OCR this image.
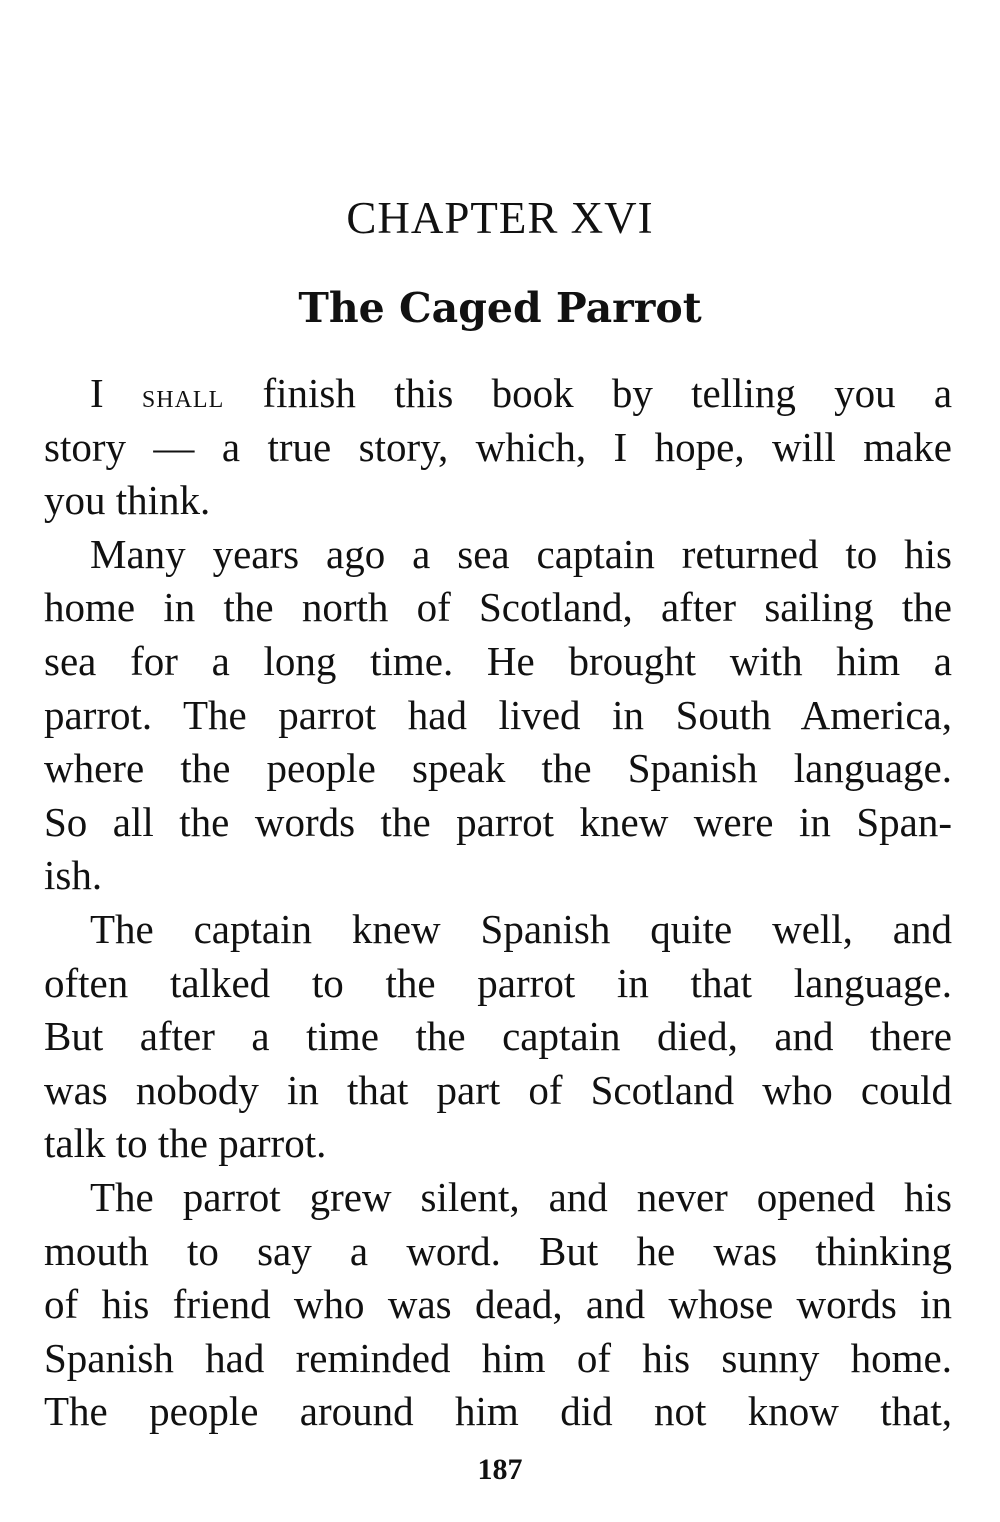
CHAPTER XVI
The Caged Parrot
I shall finish this book by telling you a
story — a true story, which, I hope, will make
you think.
Many years ago a sea captain returned to his
home in the north of Scotland, after sailing the
sea for a long time. He brought with him a
parrot. The parrot had lived in South America,
where the people speak the Spanish language.
So all the words the parrot knew were in Span-
ish.
The captain knew Spanish quite well, and
often talked to the parrot in that language.
But after a time the captain died, and there
was nobody in that part of Scotland who could
talk to the parrot.
The parrot grew silent, and never opened his
mouth to say a word. But he was thinking
of his friend who was dead, and whose words in
Spanish had reminded him of his sunny home.
The people around him did not know that,
187
